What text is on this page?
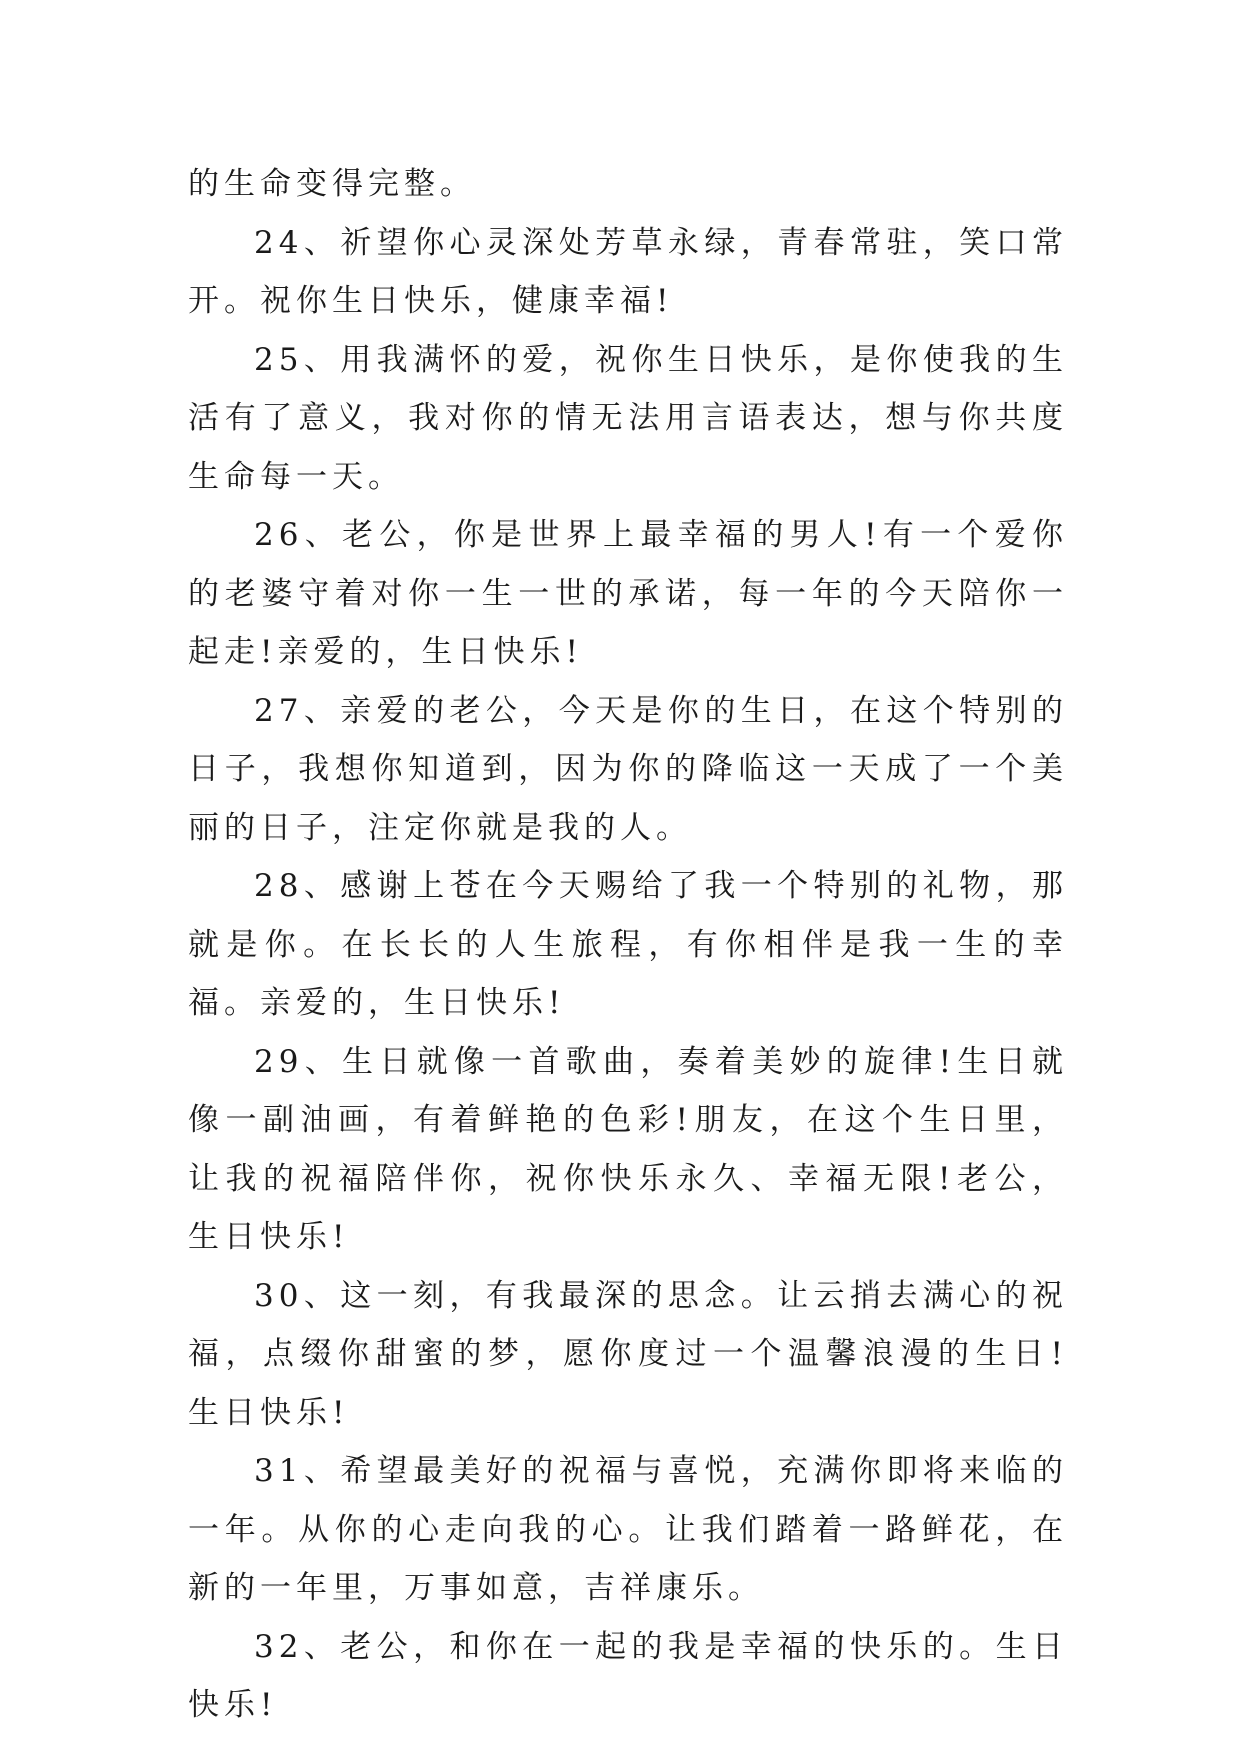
的生命变得完整。

24、祈望你心灵深处芳草永绿，青春常驻，笑口常开。祝你生日快乐，健康幸福!

25、用我满怀的爱，祝你生日快乐，是你使我的生活有了意义，我对你的情无法用言语表达，想与你共度生命每一天。

26、老公，你是世界上最幸福的男人!有一个爱你的老婆守着对你一生一世的承诺，每一年的今天陪你一起走!亲爱的，生日快乐!

27、亲爱的老公，今天是你的生日，在这个特别的日子，我想你知道到，因为你的降临这一天成了一个美丽的日子，注定你就是我的人。

28、感谢上苍在今天赐给了我一个特别的礼物，那就是你。在长长的人生旅程，有你相伴是我一生的幸福。亲爱的，生日快乐!

29、生日就像一首歌曲，奏着美妙的旋律!生日就像一副油画，有着鲜艳的色彩!朋友，在这个生日里，让我的祝福陪伴你，祝你快乐永久、幸福无限!老公，生日快乐!

30、这一刻，有我最深的思念。让云捎去满心的祝福，点缀你甜蜜的梦，愿你度过一个温馨浪漫的生日!生日快乐!

31、希望最美好的祝福与喜悦，充满你即将来临的一年。从你的心走向我的心。让我们踏着一路鲜花，在新的一年里，万事如意，吉祥康乐。

32、老公，和你在一起的我是幸福的快乐的。生日快乐!
